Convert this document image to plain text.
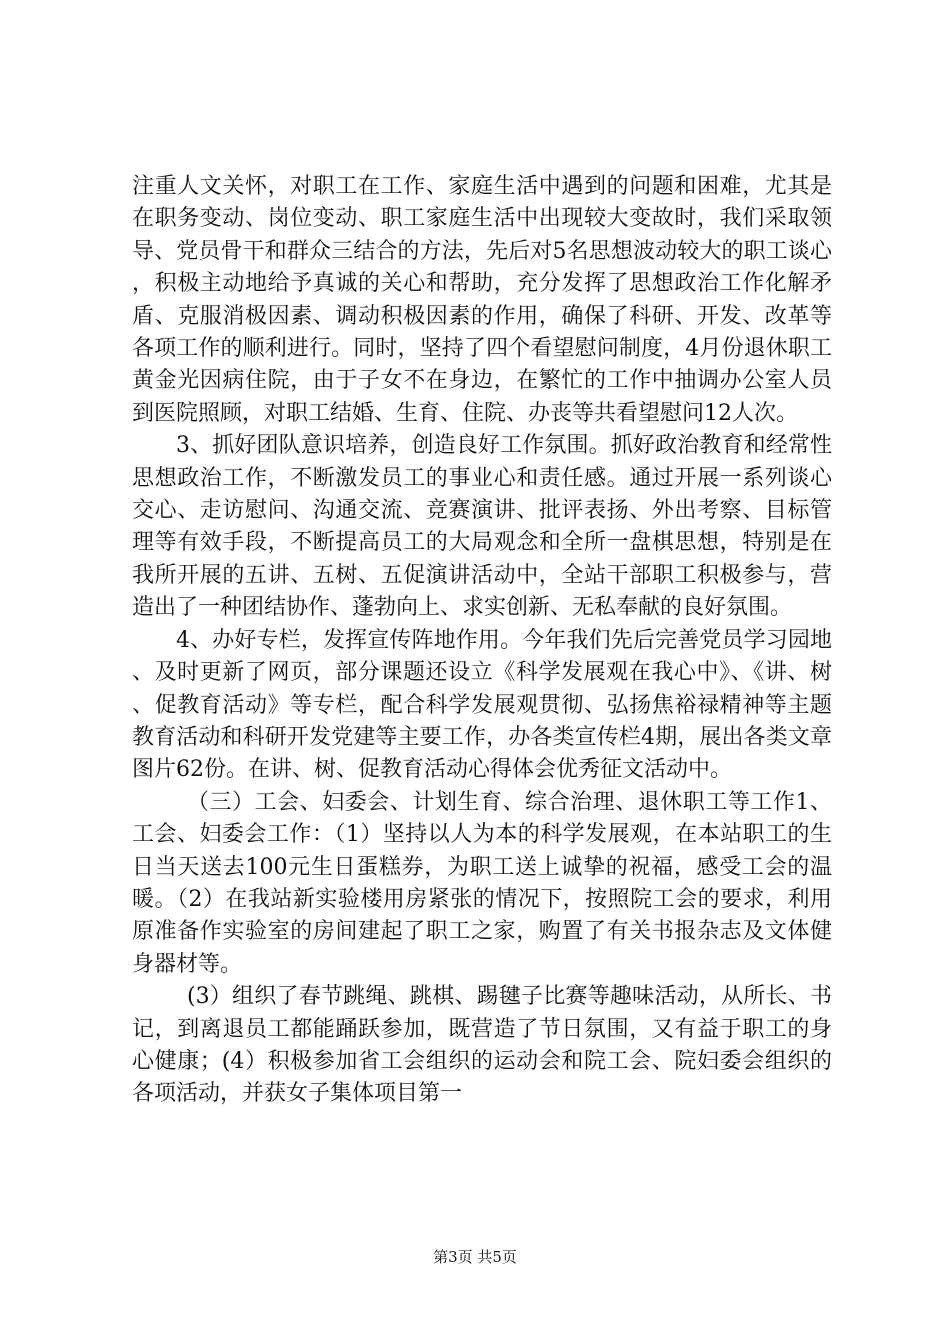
注重人文关怀，对职工在工作、家庭生活中遇到的问题和困难，尤其是在职务变动、岗位变动、职工家庭生活中出现较大变故时，我们采取领导、党员骨干和群众三结合的方法，先后对5名思想波动较大的职工谈心，积极主动地给予真诚的关心和帮助，充分发挥了思想政治工作化解矛盾、克服消极因素、调动积极因素的作用，确保了科研、开发、改革等各项工作的顺利进行。同时，坚持了四个看望慰问制度，4月份退休职工黄金光因病住院，由于子女不在身边，在繁忙的工作中抽调办公室人员到医院照顾，对职工结婚、生育、住院、办丧等共看望慰问12人次。

3、抓好团队意识培养，创造良好工作氛围。抓好政治教育和经常性思想政治工作，不断激发员工的事业心和责任感。通过开展一系列谈心交心、走访慰问、沟通交流、竞赛演讲、批评表扬、外出考察、目标管理等有效手段，不断提高员工的大局观念和全所一盘棋思想，特别是在我所开展的五讲、五树、五促演讲活动中，全站干部职工积极参与，营造出了一种团结协作、蓬勃向上、求实创新、无私奉献的良好氛围。

4、办好专栏，发挥宣传阵地作用。今年我们先后完善党员学习园地、及时更新了网页，部分课题还设立《科学发展观在我心中》、《讲、树、促教育活动》等专栏，配合科学发展观贯彻、弘扬焦裕禄精神等主题教育活动和科研开发党建等主要工作，办各类宣传栏4期，展出各类文章图片62份。在讲、树、促教育活动心得体会优秀征文活动中。

（三）工会、妇委会、计划生育、综合治理、退休职工等工作1、工会、妇委会工作：（1）坚持以人为本的科学发展观，在本站职工的生日当天送去100元生日蛋糕券，为职工送上诚挚的祝福，感受工会的温暖。（2）在我站新实验楼用房紧张的情况下，按照院工会的要求，利用原准备作实验室的房间建起了职工之家，购置了有关书报杂志及文体健身器材等。

(3）组织了春节跳绳、跳棋、踢毽子比赛等趣味活动，从所长、书记，到离退员工都能踊跃参加，既营造了节日氛围，又有益于职工的身心健康；(4）积极参加省工会组织的运动会和院工会、院妇委会组织的各项活动，并获女子集体项目第一

第3页 共5页
